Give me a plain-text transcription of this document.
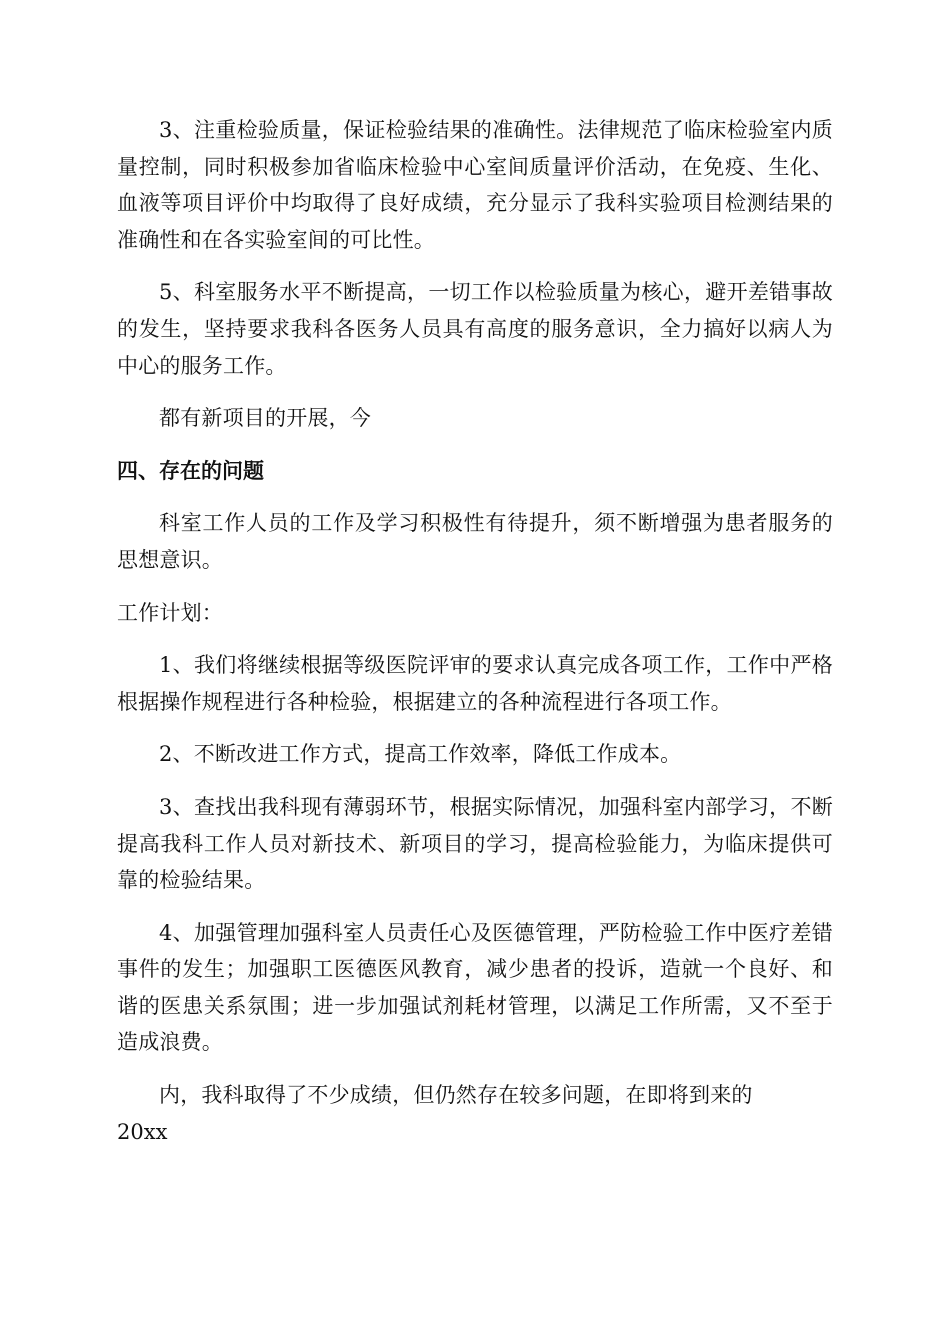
3、注重检验质量，保证检验结果的准确性。法律规范了临床检验室内质量控制，同时积极参加省临床检验中心室间质量评价活动，在免疫、生化、血液等项目评价中均取得了良好成绩，充分显示了我科实验项目检测结果的准确性和在各实验室间的可比性。

5、科室服务水平不断提高，一切工作以检验质量为核心，避开差错事故的发生，坚持要求我科各医务人员具有高度的服务意识，全力搞好以病人为中心的服务工作。

都有新项目的开展，今

四、存在的问题

科室工作人员的工作及学习积极性有待提升，须不断增强为患者服务的思想意识。

工作计划：

1、我们将继续根据等级医院评审的要求认真完成各项工作，工作中严格根据操作规程进行各种检验，根据建立的各种流程进行各项工作。

2、不断改进工作方式，提高工作效率，降低工作成本。

3、查找出我科现有薄弱环节，根据实际情况，加强科室内部学习，不断提高我科工作人员对新技术、新项目的学习，提高检验能力，为临床提供可靠的检验结果。

4、加强管理加强科室人员责任心及医德管理，严防检验工作中医疗差错事件的发生；加强职工医德医风教育，减少患者的投诉，造就一个良好、和谐的医患关系氛围；进一步加强试剂耗材管理，以满足工作所需，又不至于造成浪费。

内，我科取得了不少成绩，但仍然存在较多问题，在即将到来的

20xx
